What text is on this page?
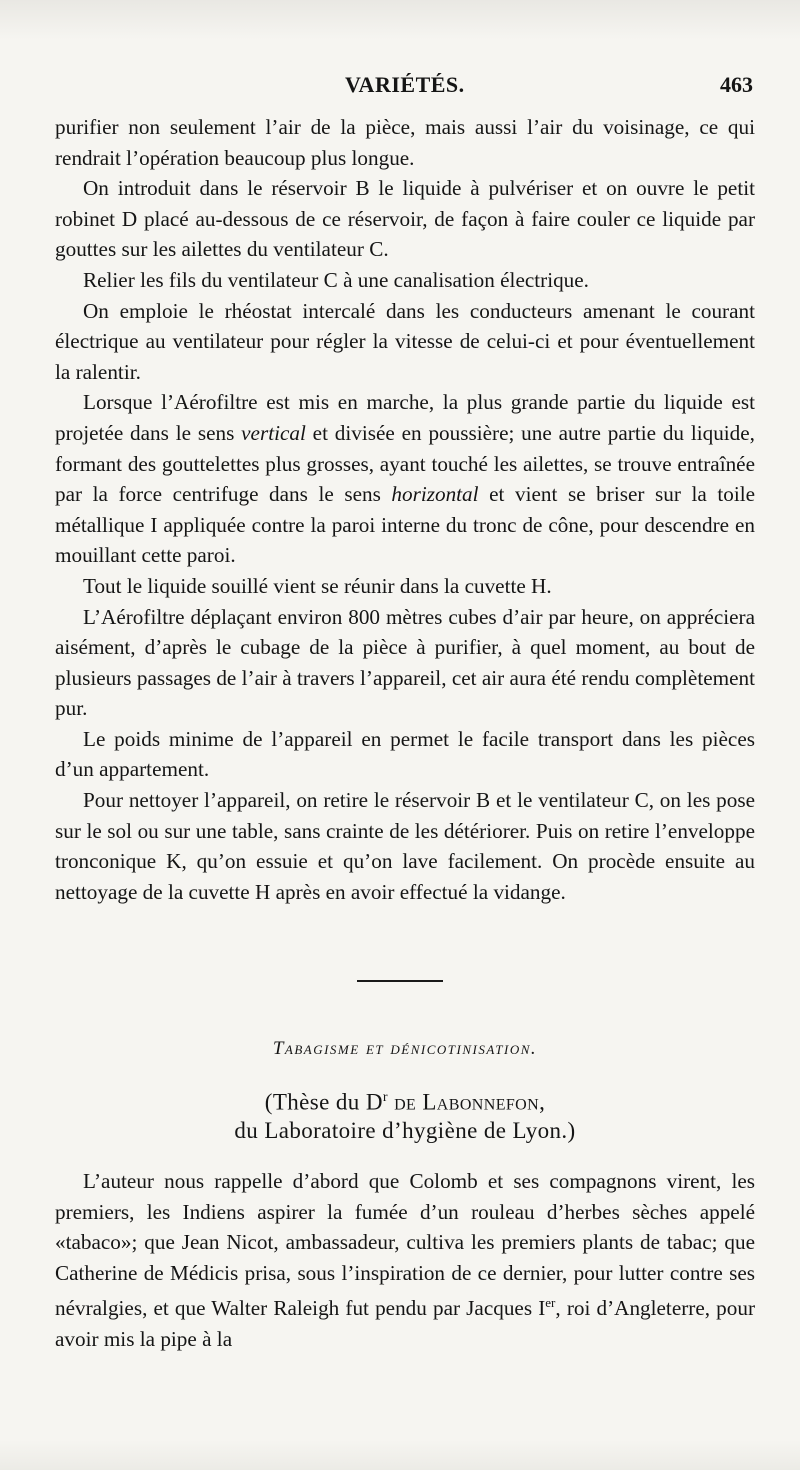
VARIÉTÉS.	463

purifier non seulement l’air de la pièce, mais aussi l’air du voisinage, ce qui rendrait l’opération beaucoup plus longue.

On introduit dans le réservoir B le liquide à pulvériser et on ouvre le petit robinet D placé au-dessous de ce réservoir, de façon à faire couler ce liquide par gouttes sur les ailettes du ventilateur C.

Relier les fils du ventilateur C à une canalisation électrique.

On emploie le rhéostat intercalé dans les conducteurs amenant le courant électrique au ventilateur pour régler la vitesse de celui-ci et pour éventuellement la ralentir.

Lorsque l’Aérofiltre est mis en marche, la plus grande partie du liquide est projetée dans le sens vertical et divisée en poussière; une autre partie du liquide, formant des gouttelettes plus grosses, ayant touché les ailettes, se trouve entraînée par la force centrifuge dans le sens horizontal et vient se briser sur la toile métallique I appliquée contre la paroi interne du tronc de cône, pour descendre en mouillant cette paroi.

Tout le liquide souillé vient se réunir dans la cuvette H.

L’Aérofiltre déplaçant environ 800 mètres cubes d’air par heure, on appréciera aisément, d’après le cubage de la pièce à purifier, à quel moment, au bout de plusieurs passages de l’air à travers l’appareil, cet air aura été rendu complètement pur.

Le poids minime de l’appareil en permet le facile transport dans les pièces d’un appartement.

Pour nettoyer l’appareil, on retire le réservoir B et le ventilateur C, on les pose sur le sol ou sur une table, sans crainte de les détériorer. Puis on retire l’enveloppe tronconique K, qu’on essuie et qu’on lave facilement. On procède ensuite au nettoyage de la cuvette H après en avoir effectué la vidange.

Tabagisme et dénicotinisation.
(Thèse du $D^r$ de Labonnefon,
du Laboratoire d’hygiène de Lyon.)

L’auteur nous rappelle d’abord que Colomb et ses compagnons virent, les premiers, les Indiens aspirer la fumée d’un rouleau d’herbes sèches appelé «tabaco»; que Jean Nicot, ambassadeur, cultiva les premiers plants de tabac; que Catherine de Médicis prisa, sous l’inspiration de ce dernier, pour lutter contre ses névralgies, et que Walter Raleigh fut pendu par Jacques Ier, roi d’Angleterre, pour avoir mis la pipe à la
